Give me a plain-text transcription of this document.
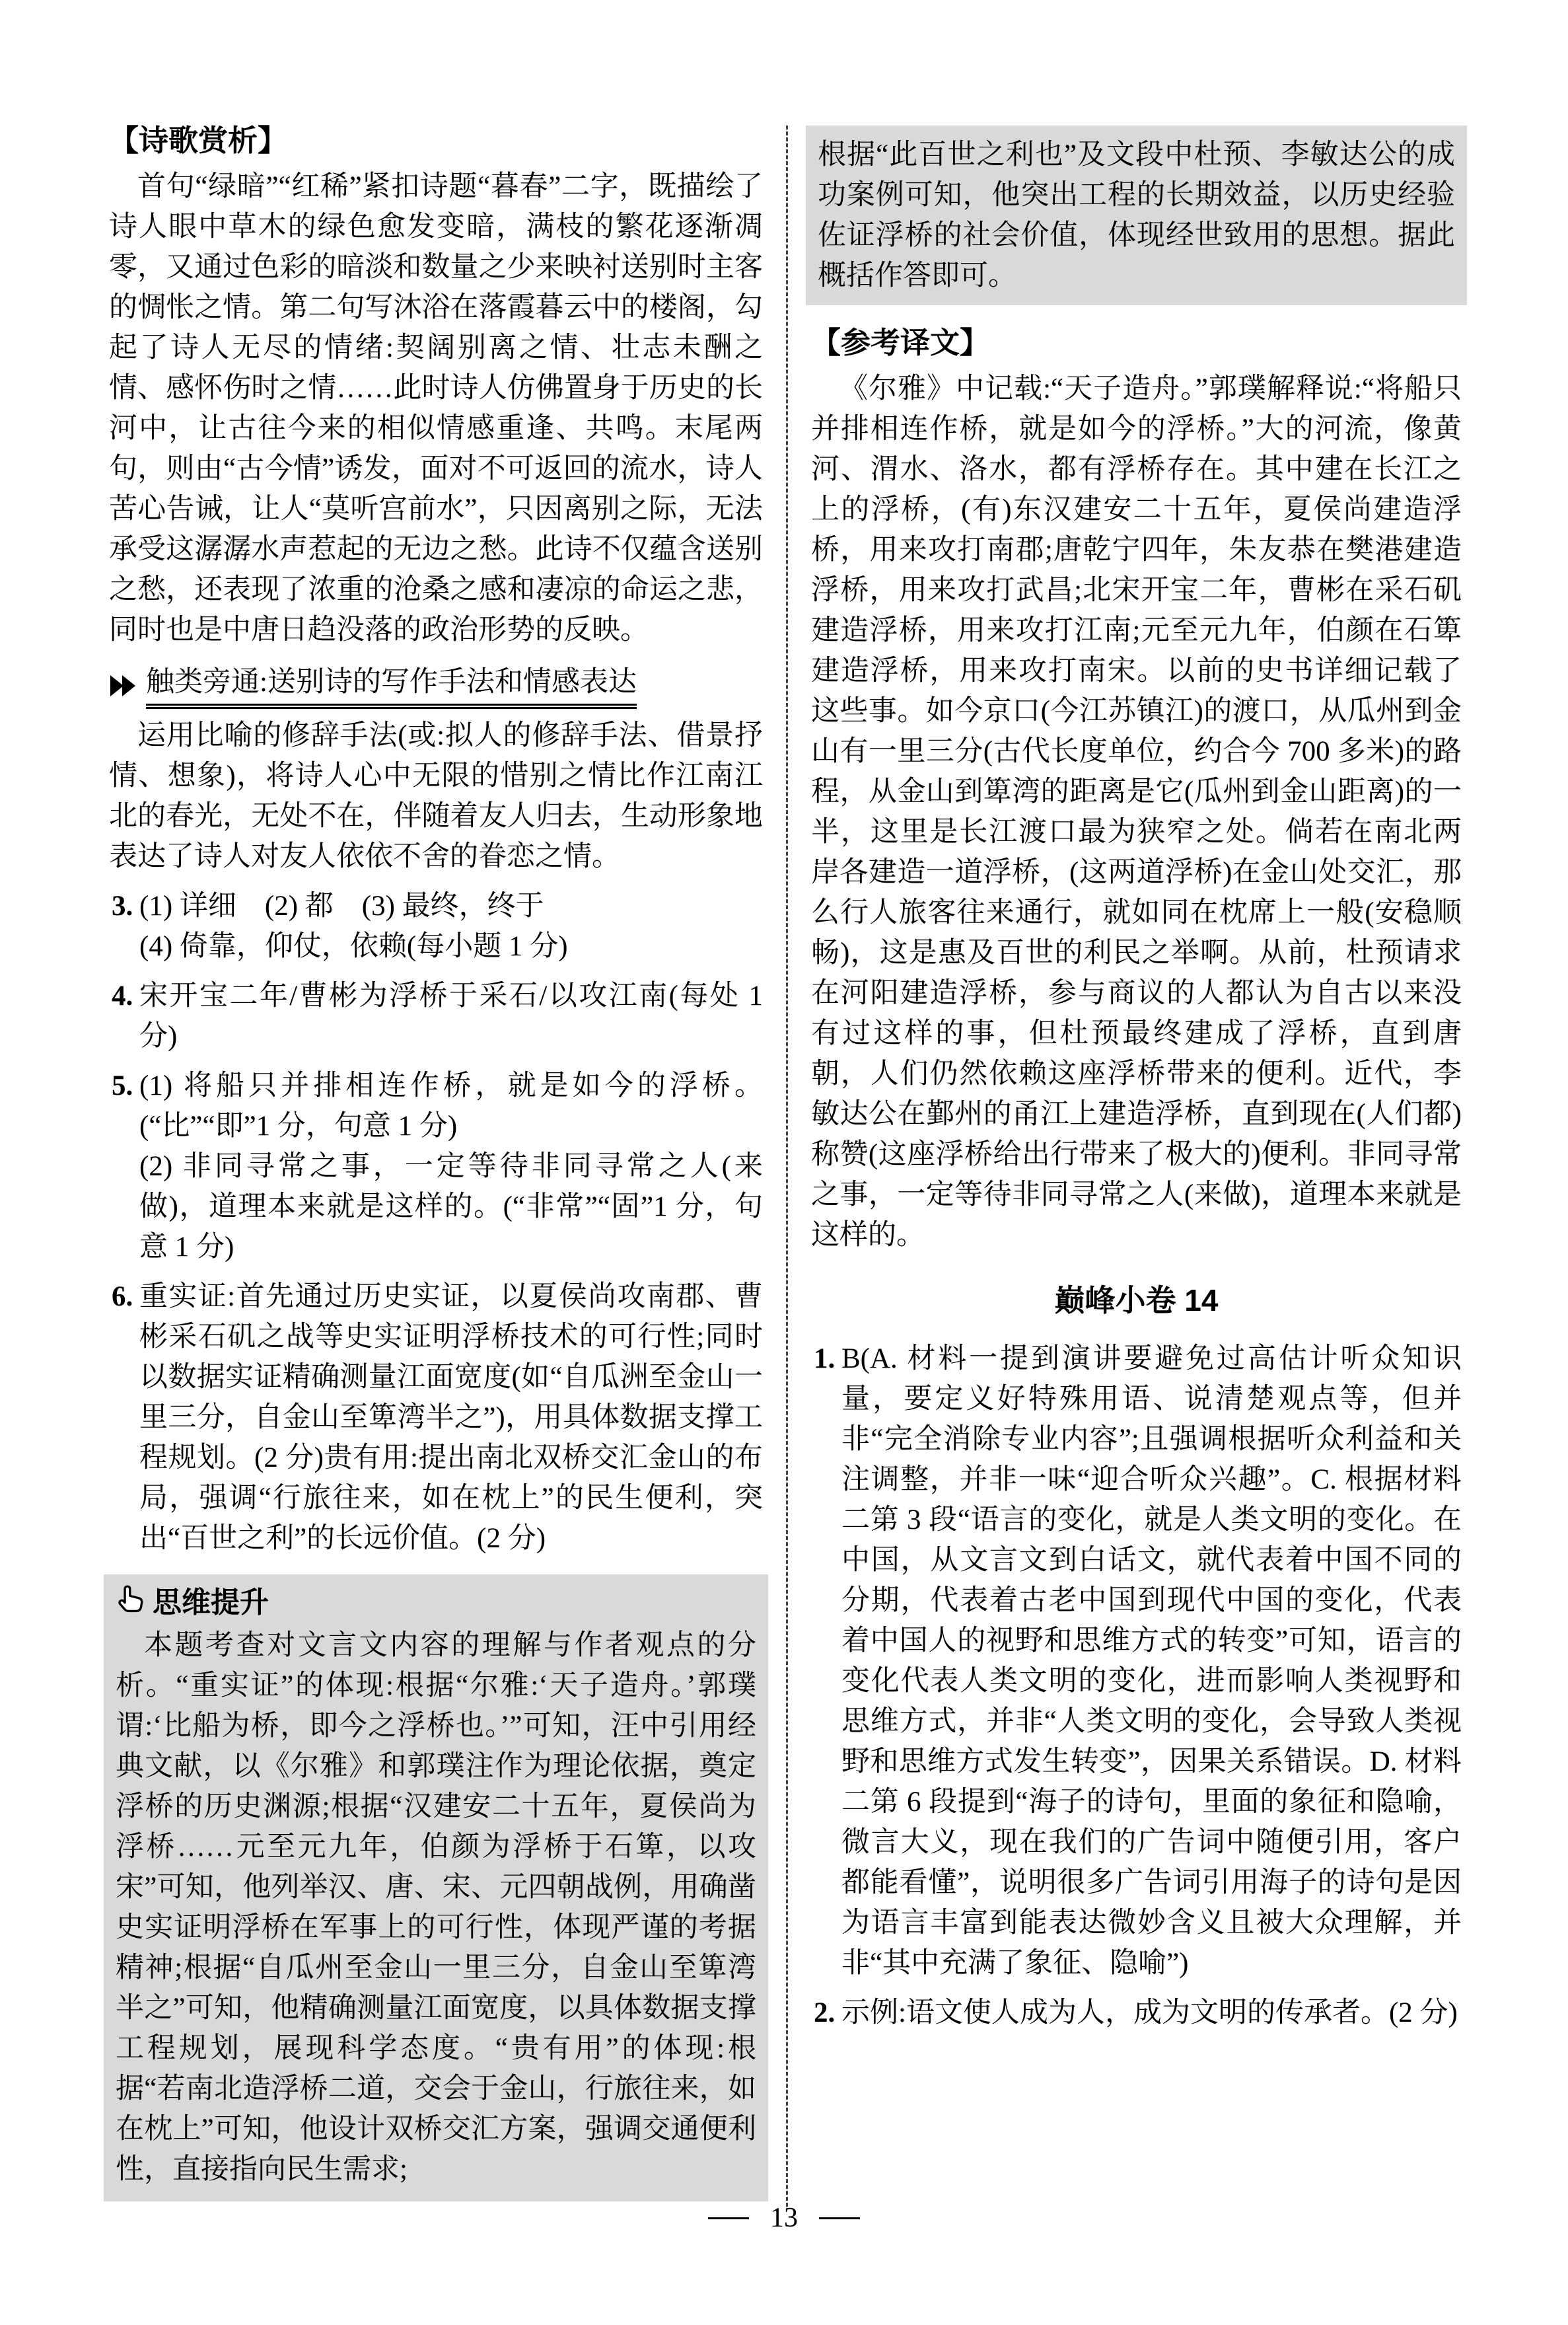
【诗歌赏析】

首句“绿暗”“红稀”紧扣诗题“暮春”二字，既描绘了诗人眼中草木的绿色愈发变暗，满枝的繁花逐渐凋零，又通过色彩的暗淡和数量之少来映衬送别时主客的惆怅之情。第二句写沐浴在落霞暮云中的楼阁，勾起了诗人无尽的情绪:契阔别离之情、壮志未酬之情、感怀伤时之情……此时诗人仿佛置身于历史的长河中，让古往今来的相似情感重逢、共鸣。末尾两句，则由“古今情”诱发，面对不可返回的流水，诗人苦心告诫，让人“莫听宫前水”，只因离别之际，无法承受这潺潺水声惹起的无边之愁。此诗不仅蕴含送别之愁，还表现了浓重的沧桑之感和凄凉的命运之悲，同时也是中唐日趋没落的政治形势的反映。

触类旁通:送别诗的写作手法和情感表达

运用比喻的修辞手法(或:拟人的修辞手法、借景抒情、想象)，将诗人心中无限的惜别之情比作江南江北的春光，无处不在，伴随着友人归去，生动形象地表达了诗人对友人依依不舍的眷恋之情。

3. (1) 详细　(2) 都　(3) 最终，终于

(4) 倚靠，仰仗，依赖(每小题 1 分)

4. 宋开宝二年/曹彬为浮桥于采石/以攻江南(每处 1 分)

5. (1) 将船只并排相连作桥，就是如今的浮桥。(“比”“即”1 分，句意 1 分)

(2) 非同寻常之事，一定等待非同寻常之人(来做)，道理本来就是这样的。(“非常”“固”1 分，句意 1 分)

6. 重实证:首先通过历史实证，以夏侯尚攻南郡、曹彬采石矶之战等史实证明浮桥技术的可行性;同时以数据实证精确测量江面宽度(如“自瓜洲至金山一里三分，自金山至箄湾半之”)，用具体数据支撑工程规划。(2 分)贵有用:提出南北双桥交汇金山的布局，强调“行旅往来，如在枕上”的民生便利，突出“百世之利”的长远价值。(2 分)

思维提升

本题考查对文言文内容的理解与作者观点的分析。“重实证”的体现:根据“尔雅:‘天子造舟。’郭璞谓:‘比船为桥，即今之浮桥也。’”可知，汪中引用经典文献，以《尔雅》和郭璞注作为理论依据，奠定浮桥的历史渊源;根据“汉建安二十五年，夏侯尚为浮桥……元至元九年，伯颜为浮桥于石箄，以攻宋”可知，他列举汉、唐、宋、元四朝战例，用确凿史实证明浮桥在军事上的可行性，体现严谨的考据精神;根据“自瓜州至金山一里三分，自金山至箄湾半之”可知，他精确测量江面宽度，以具体数据支撑工程规划，展现科学态度。“贵有用”的体现:根据“若南北造浮桥二道，交会于金山，行旅往来，如在枕上”可知，他设计双桥交汇方案，强调交通便利性，直接指向民生需求;

根据“此百世之利也”及文段中杜预、李敏达公的成功案例可知，他突出工程的长期效益，以历史经验佐证浮桥的社会价值，体现经世致用的思想。据此概括作答即可。

【参考译文】

《尔雅》中记载:“天子造舟。”郭璞解释说:“将船只并排相连作桥，就是如今的浮桥。”大的河流，像黄河、渭水、洛水，都有浮桥存在。其中建在长江之上的浮桥，(有)东汉建安二十五年，夏侯尚建造浮桥，用来攻打南郡;唐乾宁四年，朱友恭在樊港建造浮桥，用来攻打武昌;北宋开宝二年，曹彬在采石矶建造浮桥，用来攻打江南;元至元九年，伯颜在石箄建造浮桥，用来攻打南宋。以前的史书详细记载了这些事。如今京口(今江苏镇江)的渡口，从瓜州到金山有一里三分(古代长度单位，约合今 700 多米)的路程，从金山到箄湾的距离是它(瓜州到金山距离)的一半，这里是长江渡口最为狭窄之处。倘若在南北两岸各建造一道浮桥，(这两道浮桥)在金山处交汇，那么行人旅客往来通行，就如同在枕席上一般(安稳顺畅)，这是惠及百世的利民之举啊。从前，杜预请求在河阳建造浮桥，参与商议的人都认为自古以来没有过这样的事，但杜预最终建成了浮桥，直到唐朝，人们仍然依赖这座浮桥带来的便利。近代，李敏达公在鄞州的甬江上建造浮桥，直到现在(人们都)称赞(这座浮桥给出行带来了极大的)便利。非同寻常之事，一定等待非同寻常之人(来做)，道理本来就是这样的。

巅峰小卷 14
1. B(A. 材料一提到演讲要避免过高估计听众知识量，要定义好特殊用语、说清楚观点等，但并非“完全消除专业内容”;且强调根据听众利益和关注调整，并非一味“迎合听众兴趣”。C. 根据材料二第 3 段“语言的变化，就是人类文明的变化。在中国，从文言文到白话文，就代表着中国不同的分期，代表着古老中国到现代中国的变化，代表着中国人的视野和思维方式的转变”可知，语言的变化代表人类文明的变化，进而影响人类视野和思维方式，并非“人类文明的变化，会导致人类视野和思维方式发生转变”，因果关系错误。D. 材料二第 6 段提到“海子的诗句，里面的象征和隐喻，微言大义，现在我们的广告词中随便引用，客户都能看懂”，说明很多广告词引用海子的诗句是因为语言丰富到能表达微妙含义且被大众理解，并非“其中充满了象征、隐喻”)

2. 示例:语文使人成为人，成为文明的传承者。(2 分)

13
